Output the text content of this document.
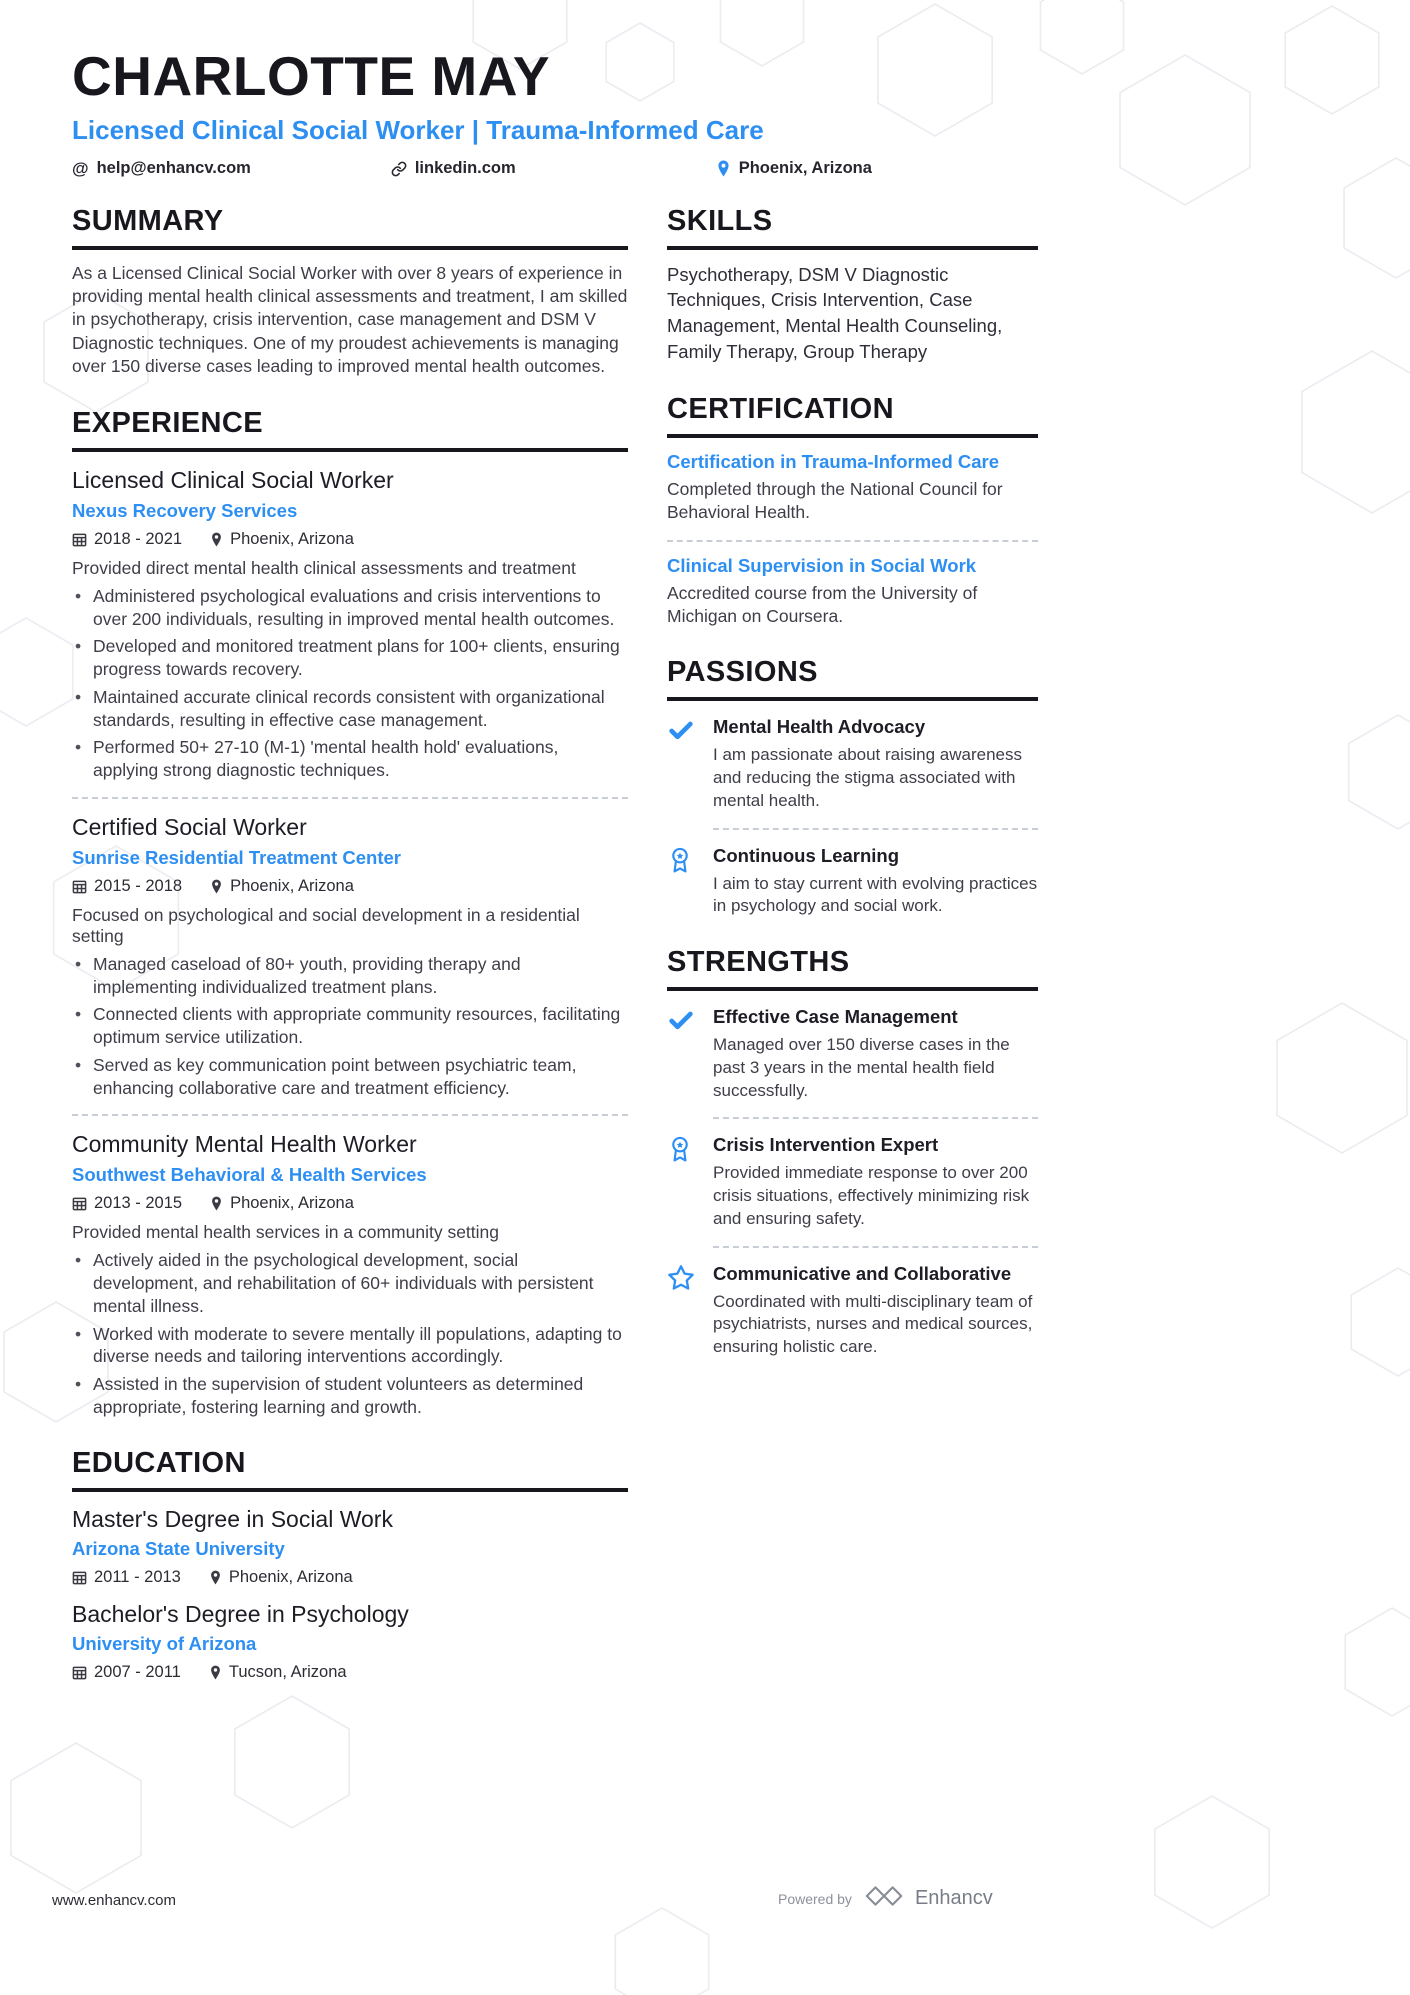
CHARLOTTE MAY
Licensed Clinical Social Worker | Trauma-Informed Care
@ help@enhancv.com	linkedin.com	Phoenix, Arizona
SUMMARY

As a Licensed Clinical Social Worker with over 8 years of experience in providing mental health clinical assessments and treatment, I am skilled in psychotherapy, crisis intervention, case management and DSM V Diagnostic techniques. One of my proudest achievements is managing over 150 diverse cases leading to improved mental health outcomes.

EXPERIENCE
Licensed Clinical Social Worker
Nexus Recovery Services
2018 - 2021	Phoenix, Arizona
Provided direct mental health clinical assessments and treatment
• Administered psychological evaluations and crisis interventions to over 200 individuals, resulting in improved mental health outcomes.
• Developed and monitored treatment plans for 100+ clients, ensuring progress towards recovery.
• Maintained accurate clinical records consistent with organizational standards, resulting in effective case management.
• Performed 50+ 27-10 (M-1) 'mental health hold' evaluations, applying strong diagnostic techniques.
Certified Social Worker
Sunrise Residential Treatment Center
2015 - 2018	Phoenix, Arizona
Focused on psychological and social development in a residential setting
• Managed caseload of 80+ youth, providing therapy and implementing individualized treatment plans.
• Connected clients with appropriate community resources, facilitating optimum service utilization.
• Served as key communication point between psychiatric team, enhancing collaborative care and treatment efficiency.
Community Mental Health Worker
Southwest Behavioral & Health Services
2013 - 2015	Phoenix, Arizona
Provided mental health services in a community setting
• Actively aided in the psychological development, social development, and rehabilitation of 60+ individuals with persistent mental illness.
• Worked with moderate to severe mentally ill populations, adapting to diverse needs and tailoring interventions accordingly.
• Assisted in the supervision of student volunteers as determined appropriate, fostering learning and growth.
EDUCATION
Master's Degree in Social Work
Arizona State University
2011 - 2013	Phoenix, Arizona
Bachelor's Degree in Psychology
University of Arizona
2007 - 2011	Tucson, Arizona
SKILLS

Psychotherapy, DSM V Diagnostic Techniques, Crisis Intervention, Case Management, Mental Health Counseling, Family Therapy, Group Therapy

CERTIFICATION
Certification in Trauma-Informed Care
Completed through the National Council for Behavioral Health.
Clinical Supervision in Social Work
Accredited course from the University of Michigan on Coursera.
PASSIONS
Mental Health Advocacy
I am passionate about raising awareness and reducing the stigma associated with mental health.
Continuous Learning
I aim to stay current with evolving practices in psychology and social work.
STRENGTHS
Effective Case Management
Managed over 150 diverse cases in the past 3 years in the mental health field successfully.
Crisis Intervention Expert
Provided immediate response to over 200 crisis situations, effectively minimizing risk and ensuring safety.
Communicative and Collaborative
Coordinated with multi-disciplinary team of psychiatrists, nurses and medical sources, ensuring holistic care.
www.enhancv.com	Powered by	Enhancv
